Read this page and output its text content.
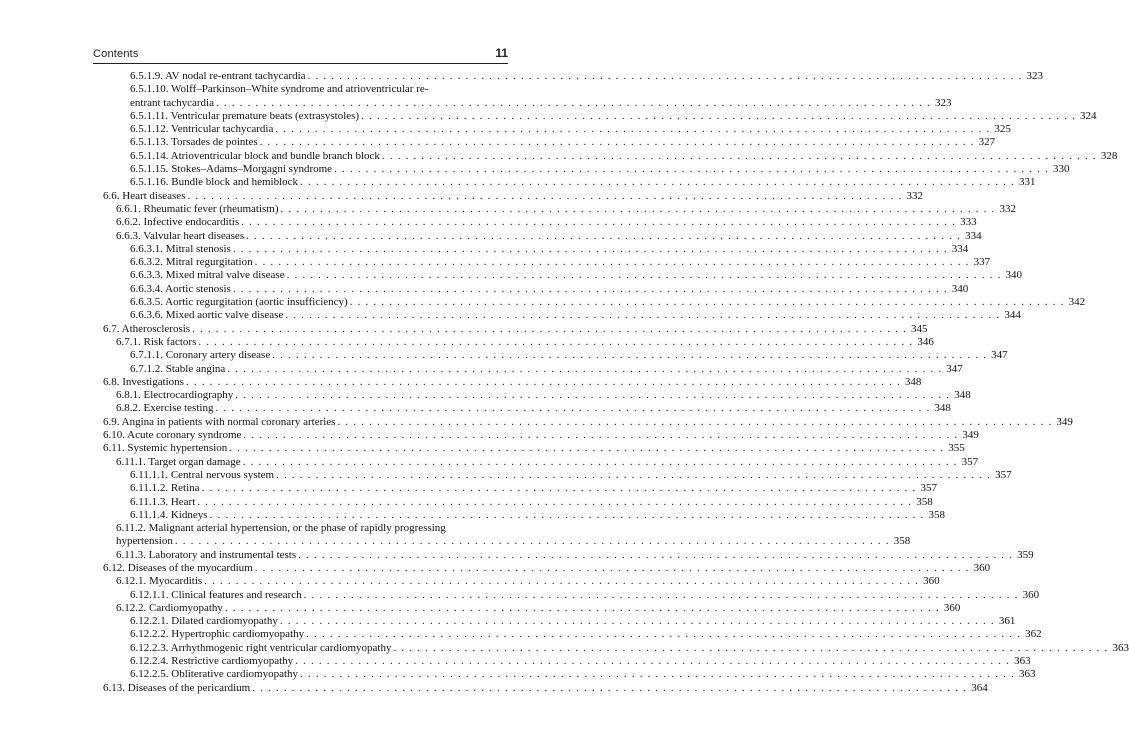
Contents	11
6.5.1.9. AV nodal re-entrant tachycardia . . .	323
6.5.1.10. Wolff–Parkinson–White syndrome and atrioventricular re-
entrant tachycardia . . .	323
6.5.1.11. Ventricular premature beats (extrasystoles) . . .	324
6.5.1.12. Ventricular tachycardia . . .	325
6.5.1.13. Torsades de pointes . . .	327
6.5.1.14. Atrioventricular block and bundle branch block . . .	328
6.5.1.15. Stokes–Adams–Morgagni syndrome . . .	330
6.5.1.16. Bundle block and hemiblock . . .	331
6.6. Heart diseases . . .	332
6.6.1. Rheumatic fever (rheumatism) . . .	332
6.6.2. Infective endocarditis . . .	333
6.6.3. Valvular heart diseases . . .	334
6.6.3.1. Mitral stenosis . . .	334
6.6.3.2. Mitral regurgitation . . .	337
6.6.3.3. Mixed mitral valve disease . . .	340
6.6.3.4. Aortic stenosis . . .	340
6.6.3.5. Aortic regurgitation (aortic insufficiency) . . .	342
6.6.3.6. Mixed aortic valve disease . . .	344
6.7. Atherosclerosis . . .	345
6.7.1. Risk factors . . .	346
6.7.1.1. Coronary artery disease . . .	347
6.7.1.2. Stable angina . . .	347
6.8. Investigations . . .	348
6.8.1. Electrocardiography . . .	348
6.8.2. Exercise testing . . .	348
6.9. Angina in patients with normal coronary arteries . . .	349
6.10. Acute coronary syndrome . . .	349
6.11. Systemic hypertension . . .	355
6.11.1. Target organ damage . . .	357
6.11.1.1. Central nervous system . . .	357
6.11.1.2. Retina . . .	357
6.11.1.3. Heart . . .	358
6.11.1.4. Kidneys . . .	358
6.11.2. Malignant arterial hypertension, or the phase of rapidly progressing
hypertension . . .	358
6.11.3. Laboratory and instrumental tests . . .	359
6.12. Diseases of the myocardium . . .	360
6.12.1. Myocarditis . . .	360
6.12.1.1. Clinical features and research . . .	360
6.12.2. Cardiomyopathy . . .	360
6.12.2.1. Dilated cardiomyopathy . . .	361
6.12.2.2. Hypertrophic cardiomyopathy . . .	362
6.12.2.3. Arrhythmogenic right ventricular cardiomyopathy . . .	363
6.12.2.4. Restrictive cardiomyopathy . . .	363
6.12.2.5. Obliterative cardiomyopathy . . .	363
6.13. Diseases of the pericardium . . .	364
